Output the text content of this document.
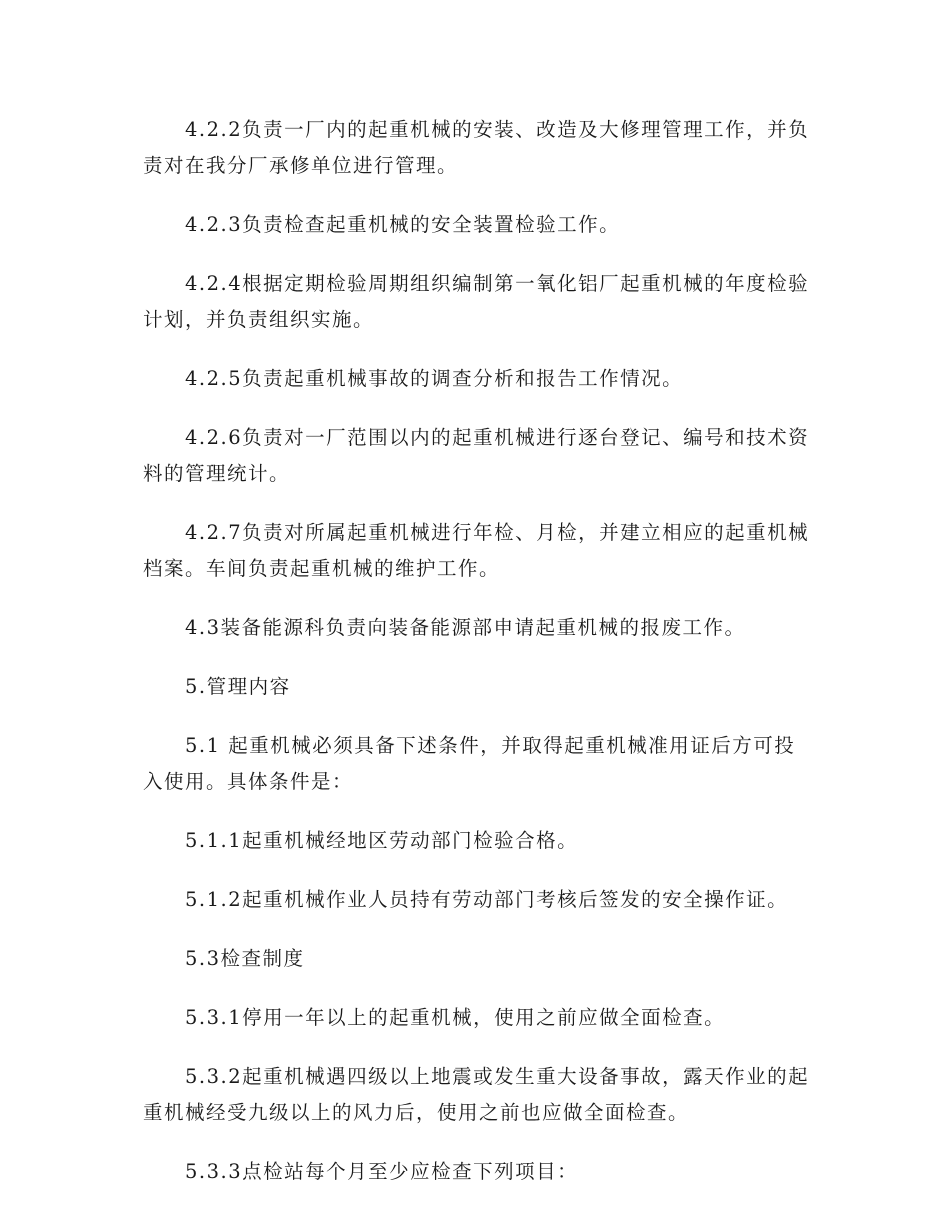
4.2.2负责一厂内的起重机械的安装、改造及大修理管理工作，并负责对在我分厂承修单位进行管理。

4.2.3负责检查起重机械的安全装置检验工作。

4.2.4根据定期检验周期组织编制第一氧化铝厂起重机械的年度检验计划，并负责组织实施。

4.2.5负责起重机械事故的调查分析和报告工作情况。

4.2.6负责对一厂范围以内的起重机械进行逐台登记、编号和技术资料的管理统计。

4.2.7负责对所属起重机械进行年检、月检，并建立相应的起重机械档案。车间负责起重机械的维护工作。

4.3装备能源科负责向装备能源部申请起重机械的报废工作。

5.管理内容

5.1 起重机械必须具备下述条件，并取得起重机械准用证后方可投入使用。具体条件是：

5.1.1起重机械经地区劳动部门检验合格。

5.1.2起重机械作业人员持有劳动部门考核后签发的安全操作证。

5.3检查制度

5.3.1停用一年以上的起重机械，使用之前应做全面检查。

5.3.2起重机械遇四级以上地震或发生重大设备事故，露天作业的起重机械经受九级以上的风力后，使用之前也应做全面检查。

5.3.3点检站每个月至少应检查下列项目：
